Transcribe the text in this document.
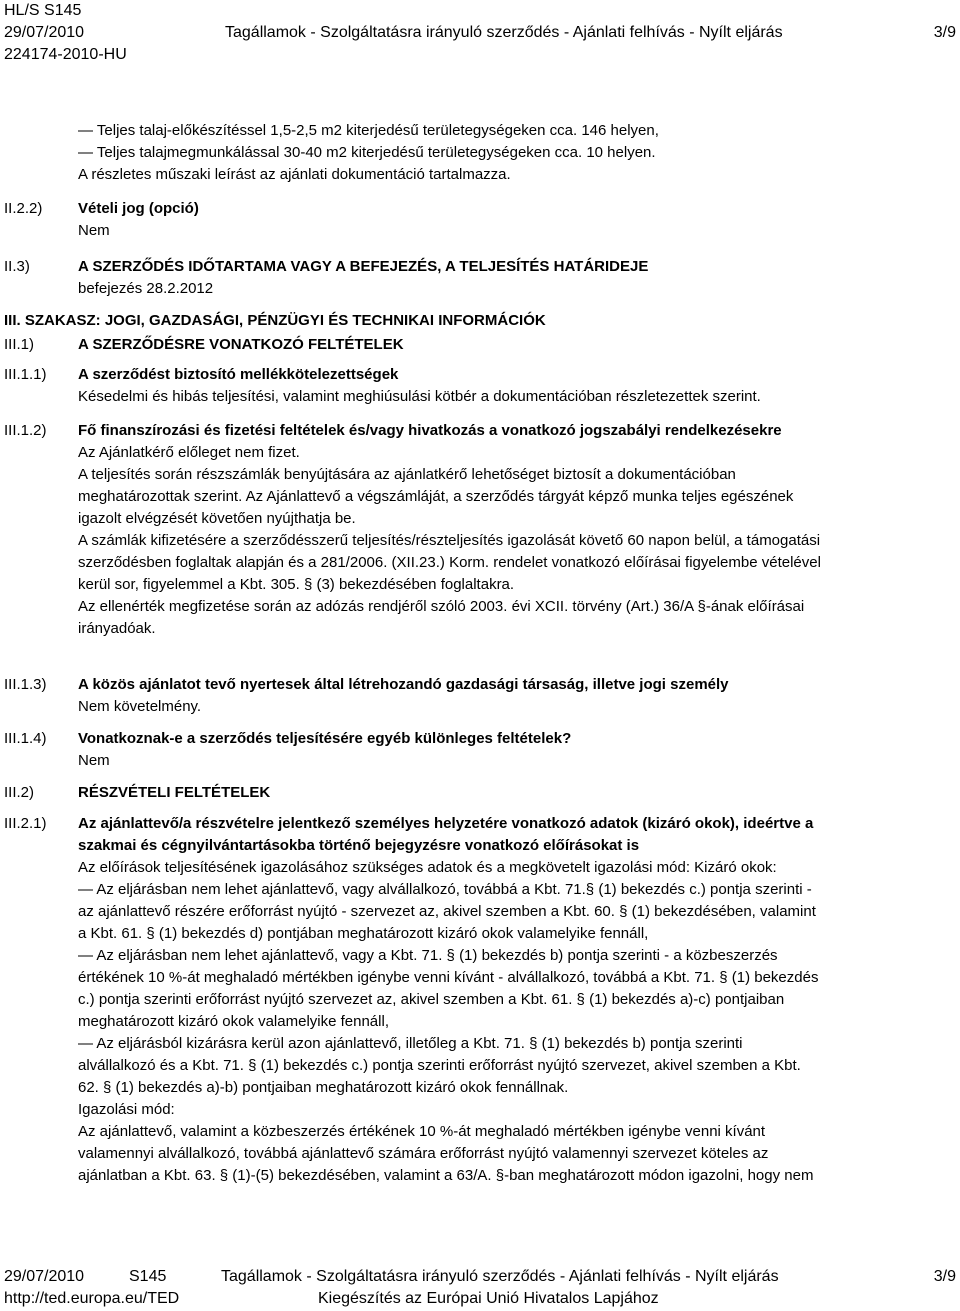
HL/S S145
29/07/2010
224174-2010-HU
Tagállamok - Szolgáltatásra irányuló szerződés - Ajánlati felhívás - Nyílt eljárás	3/9
— Teljes talaj-előkészítéssel 1,5-2,5 m2 kiterjedésű területegységeken cca. 146 helyen,
— Teljes talajmegmunkálással 30-40 m2 kiterjedésű területegységeken cca. 10 helyen.
A részletes műszaki leírást az ajánlati dokumentáció tartalmazza.
II.2.2) Vételi jog (opció)
Nem
II.3)	A SZERZŐDÉS IDŐTARTAMA VAGY A BEFEJEZÉS, A TELJESÍTÉS HATÁRIDEJE
befejezés 28.2.2012
III. SZAKASZ: JOGI, GAZDASÁGI, PÉNZÜGYI ÉS TECHNIKAI INFORMÁCIÓK
III.1)	A SZERZŐDÉSRE VONATKOZÓ FELTÉTELEK
III.1.1) A szerződést biztosító mellékkötelezettségek
Késedelmi és hibás teljesítési, valamint meghiúsulási kötbér a dokumentációban részletezettek szerint.
III.1.2) Fő finanszírozási és fizetési feltételek és/vagy hivatkozás a vonatkozó jogszabályi rendelkezésekre
Az Ajánlatkérő előleget nem fizet.
A teljesítés során részszámlák benyújtására az ajánlatkérő lehetőséget biztosít a dokumentációban
meghatározottak szerint. Az Ajánlattevő a végszámláját, a szerződés tárgyát képző munka teljes egészének
igazolt elvégzését követően nyújthatja be.
A számlák kifizetésére a szerződésszerű teljesítés/részteljesítés igazolását követő 60 napon belül, a támogatási
szerződésben foglaltak alapján és a 281/2006. (XII.23.) Korm. rendelet vonatkozó előírásai figyelembe vételével
kerül sor, figyelemmel a Kbt. 305. § (3) bekezdésében foglaltakra.
Az ellenérték megfizetése során az adózás rendjéről szóló 2003. évi XCII. törvény (Art.) 36/A §-ának előírásai
irányadóak.
III.1.3) A közös ajánlatot tevő nyertesek által létrehozandó gazdasági társaság, illetve jogi személy
Nem követelmény.
III.1.4) Vonatkoznak-e a szerződés teljesítésére egyéb különleges feltételek?
Nem
III.2)	RÉSZVÉTELI FELTÉTELEK
III.2.1) Az ajánlattevő/a részvételre jelentkező személyes helyzetére vonatkozó adatok (kizáró okok), ideértve a
szakmai és cégnyilvántartásokba történő bejegyzésre vonatkozó előírásokat is
Az előírások teljesítésének igazolásához szükséges adatok és a megkövetelt igazolási mód: Kizáró okok:
— Az eljárásban nem lehet ajánlattevő, vagy alvállalkozó, továbbá a Kbt. 71.§ (1) bekezdés c.) pontja szerinti -
az ajánlattevő részére erőforrást nyújtó - szervezet az, akivel szemben a Kbt. 60. § (1) bekezdésében, valamint
a Kbt. 61. § (1) bekezdés d) pontjában meghatározott kizáró okok valamelyike fennáll,
— Az eljárásban nem lehet ajánlattevő, vagy a Kbt. 71. § (1) bekezdés b) pontja szerinti - a közbeszerzés
értékének 10 %-át meghaladó mértékben igénybe venni kívánt - alvállalkozó, továbbá a Kbt. 71. § (1) bekezdés
c.) pontja szerinti erőforrást nyújtó szervezet az, akivel szemben a Kbt. 61. § (1) bekezdés a)-c) pontjaiban
meghatározott kizáró okok valamelyike fennáll,
— Az eljárásból kizárásra kerül azon ajánlattevő, illetőleg a Kbt. 71. § (1) bekezdés b) pontja szerinti
alvállalkozó és a Kbt. 71. § (1) bekezdés c.) pontja szerinti erőforrást nyújtó szervezet, akivel szemben a Kbt.
62. § (1) bekezdés a)-b) pontjaiban meghatározott kizáró okok fennállnak.
Igazolási mód:
Az ajánlattevő, valamint a közbeszerzés értékének 10 %-át meghaladó mértékben igénybe venni kívánt
valamennyi alvállalkozó, továbbá ajánlattevő számára erőforrást nyújtó valamennyi szervezet köteles az
ajánlatban a Kbt. 63. § (1)-(5) bekezdésében, valamint a 63/A. §-ban meghatározott módon igazolni, hogy nem
29/07/2010	S145	Tagállamok - Szolgáltatásra irányuló szerződés - Ajánlati felhívás - Nyílt eljárás	3/9
http://ted.europa.eu/TED	Kiegészítés az Európai Unió Hivatalos Lapjához
